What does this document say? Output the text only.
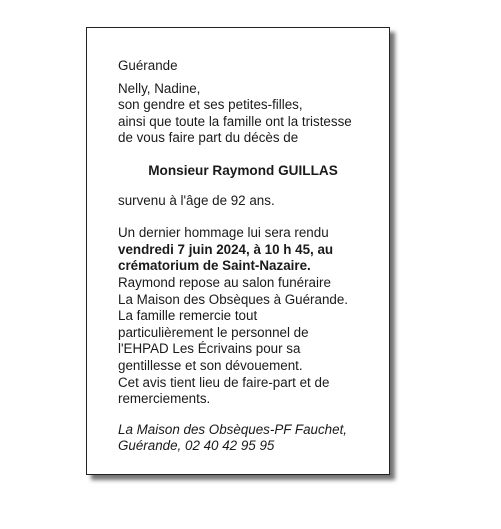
Guérande
Nelly, Nadine,
son gendre et ses petites-filles,
ainsi que toute la famille ont la tristesse
de vous faire part du décès de
Monsieur Raymond GUILLAS
survenu à l'âge de 92 ans.
Un dernier hommage lui sera rendu
vendredi 7 juin 2024, à 10 h 45, au
crématorium de Saint-Nazaire.
Raymond repose au salon funéraire
La Maison des Obsèques à Guérande.
La famille remercie tout
particulièrement le personnel de
l'EHPAD Les Écrivains pour sa
gentillesse et son dévouement.
Cet avis tient lieu de faire-part et de
remerciements.
La Maison des Obsèques-PF Fauchet,
Guérande, 02 40 42 95 95
